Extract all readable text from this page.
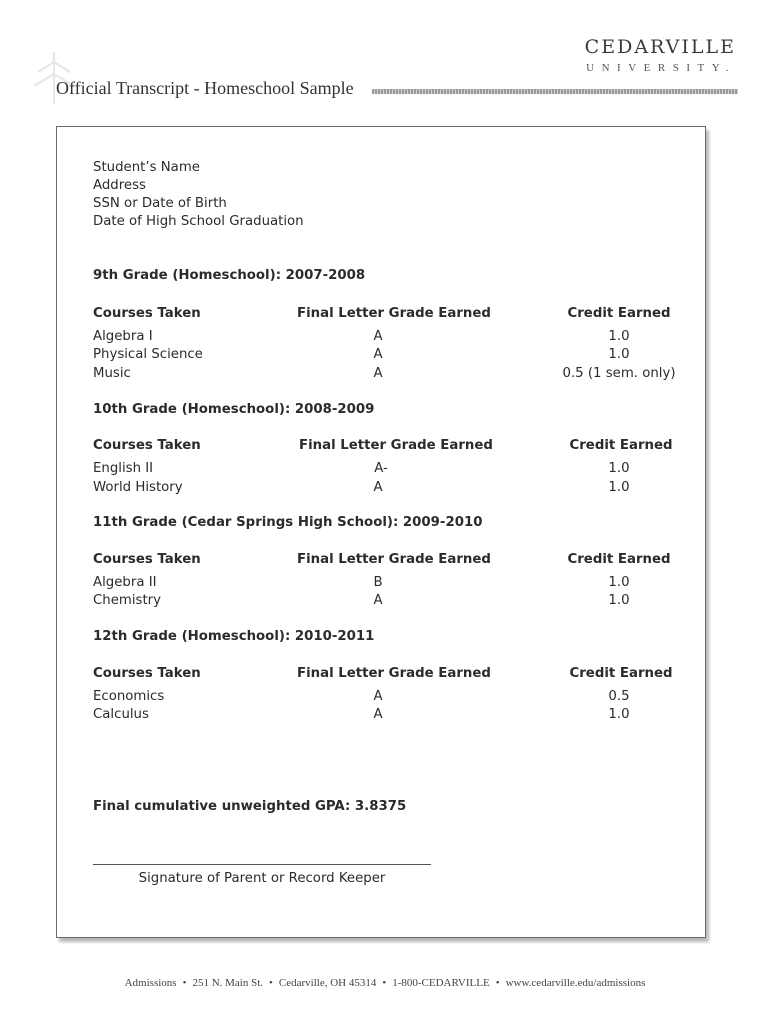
CEDARVILLE
UNIVERSITY.
Official Transcript - Homeschool Sample
Student’s Name
Address
SSN or Date of Birth
Date of High School Graduation
9th Grade (Homeschool): 2007-2008
Courses Taken	Final Letter Grade Earned	Credit Earned
Algebra I	A	1.0
Physical Science	A	1.0
Music	A	0.5 (1 sem. only)
10th Grade (Homeschool): 2008-2009
Courses Taken	Final Letter Grade Earned	Credit Earned
English II	A-	1.0
World History	A	1.0
11th Grade (Cedar Springs High School): 2009-2010
Courses Taken	Final Letter Grade Earned	Credit Earned
Algebra II	B	1.0
Chemistry	A	1.0
12th Grade (Homeschool): 2010-2011
Courses Taken	Final Letter Grade Earned	Credit Earned
Economics	A	0.5
Calculus	A	1.0
Final cumulative unweighted GPA: 3.8375
Signature of Parent or Record Keeper
Admissions • 251 N. Main St. • Cedarville, OH 45314 • 1-800-CEDARVILLE • www.cedarville.edu/admissions
